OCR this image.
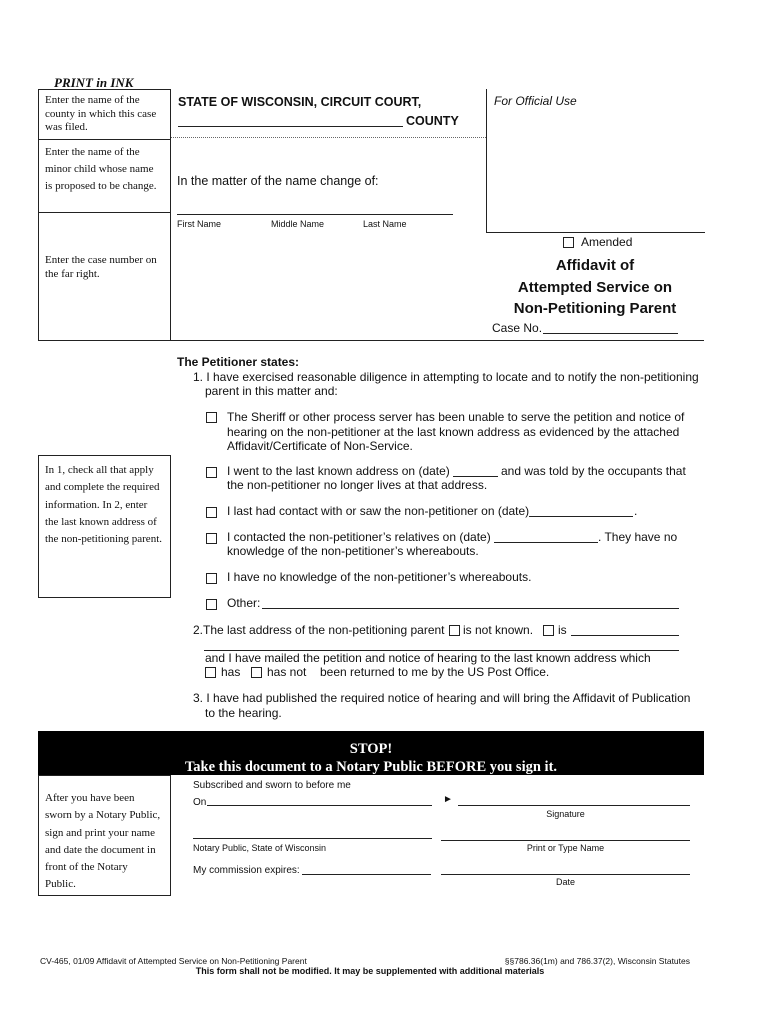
PRINT in INK
Enter the name of the county in which this case was filed.
Enter the name of the minor child whose name is proposed to be change.
Enter the case number on the far right.
STATE OF WISCONSIN, CIRCUIT COURT,
COUNTY
For Official Use
In the matter of the name change of:
First Name	Middle Name	Last Name
Amended
Affidavit of
Attempted Service on
Non-Petitioning Parent
Case No.
The Petitioner states:
1. I have exercised reasonable diligence in attempting to locate and to notify the non-petitioning
parent in this matter and:
The Sheriff or other process server has been unable to serve the petition and notice of
hearing on the non-petitioner at the last known address as evidenced by the attached
Affidavit/Certificate of Non-Service.
In 1, check all that apply and complete the required information. In 2, enter the last known address of the non-petitioning parent.
I went to the last known address on (date)	and was told by the occupants that
the non-petitioner no longer lives at that address.
I last had contact with or saw the non-petitioner on (date)	.
I contacted the non-petitioner’s relatives on (date)	. They have no
knowledge of the non-petitioner’s whereabouts.
I have no knowledge of the non-petitioner’s whereabouts.
Other:
2.The last address of the non-petitioning parent is not known. is
and I have mailed the petition and notice of hearing to the last known address which
has has not been returned to me by the US Post Office.
3. I have had published the required notice of hearing and will bring the Affidavit of Publication
to the hearing.
STOP!
Take this document to a Notary Public BEFORE you sign it.
After you have been sworn by a Notary Public, sign and print your name and date the document in front of the Notary Public.
Subscribed and sworn to before me
On	►
Signature
Notary Public, State of Wisconsin	Print or Type Name
My commission expires:
Date
CV-465, 01/09 Affidavit of Attempted Service on Non-Petitioning Parent	§§786.36(1m) and 786.37(2), Wisconsin Statutes
This form shall not be modified. It may be supplemented with additional materials
